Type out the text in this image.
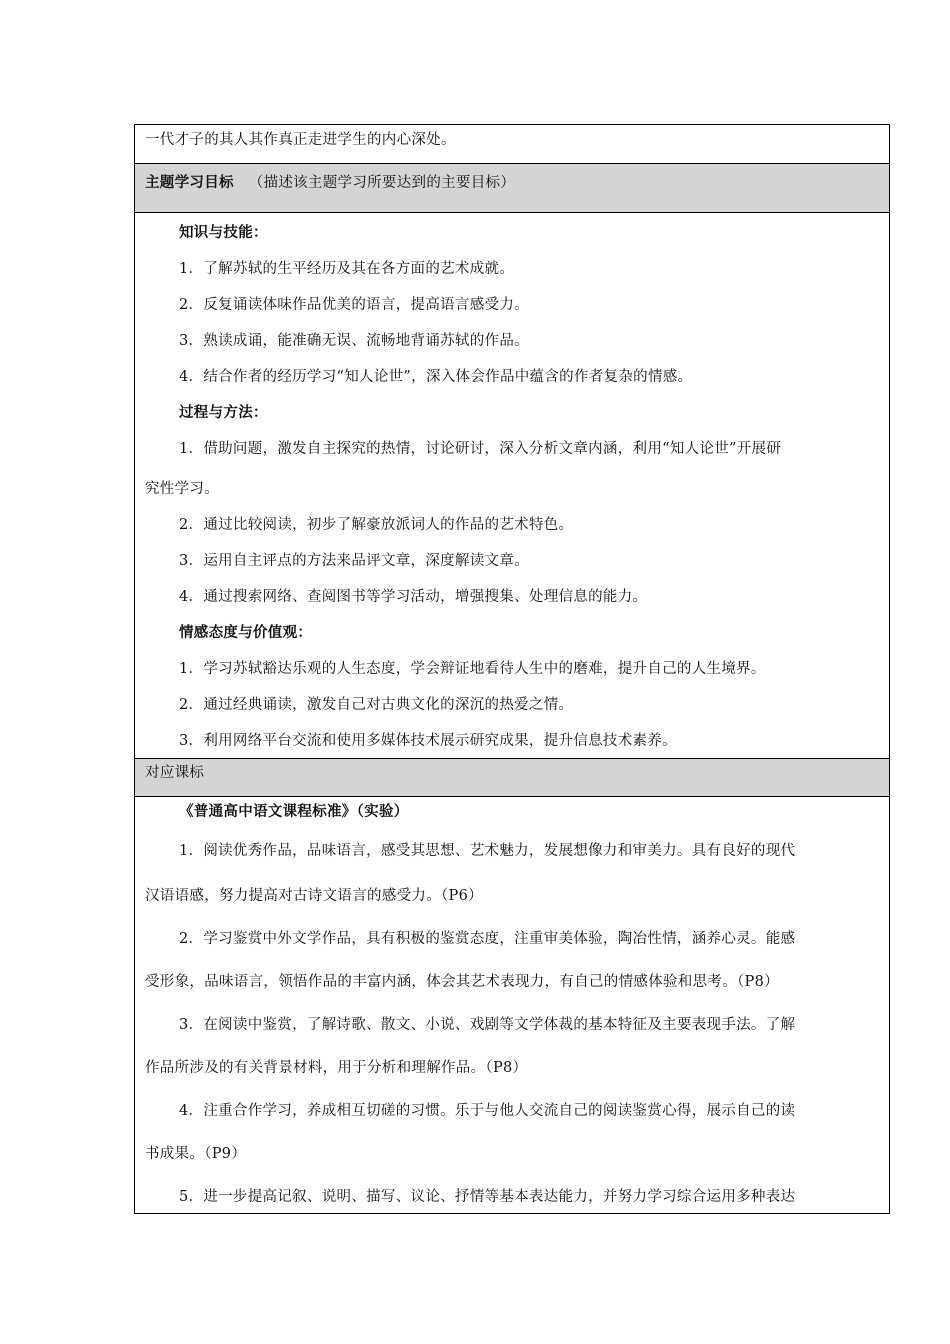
一代才子的其人其作真正走进学生的内心深处。
主题学习目标 （描述该主题学习所要达到的主要目标）
知识与技能：
1．了解苏轼的生平经历及其在各方面的艺术成就。
2．反复诵读体味作品优美的语言，提高语言感受力。
3．熟读成诵，能准确无误、流畅地背诵苏轼的作品。
4．结合作者的经历学习“知人论世”，深入体会作品中蕴含的作者复杂的情感。
过程与方法：
1．借助问题，激发自主探究的热情，讨论研讨，深入分析文章内涵，利用“知人论世”开展研
究性学习。
2．通过比较阅读，初步了解豪放派词人的作品的艺术特色。
3．运用自主评点的方法来品评文章，深度解读文章。
4．通过搜索网络、查阅图书等学习活动，增强搜集、处理信息的能力。
情感态度与价值观：
1．学习苏轼豁达乐观的人生态度，学会辩证地看待人生中的磨难，提升自己的人生境界。
2．通过经典诵读，激发自己对古典文化的深沉的热爱之情。
3．利用网络平台交流和使用多媒体技术展示研究成果，提升信息技术素养。
对应课标
《普通高中语文课程标准》（实验）
1．阅读优秀作品，品味语言，感受其思想、艺术魅力，发展想像力和审美力。具有良好的现代
汉语语感，努力提高对古诗文语言的感受力。（P6）
2．学习鉴赏中外文学作品，具有积极的鉴赏态度，注重审美体验，陶冶性情，涵养心灵。能感
受形象，品味语言，领悟作品的丰富内涵，体会其艺术表现力，有自己的情感体验和思考。（P8）
3．在阅读中鉴赏，了解诗歌、散文、小说、戏剧等文学体裁的基本特征及主要表现手法。了解
作品所涉及的有关背景材料，用于分析和理解作品。（P8）
4．注重合作学习，养成相互切磋的习惯。乐于与他人交流自己的阅读鉴赏心得，展示自己的读
书成果。（P9）
5．进一步提高记叙、说明、描写、议论、抒情等基本表达能力，并努力学习综合运用多种表达
